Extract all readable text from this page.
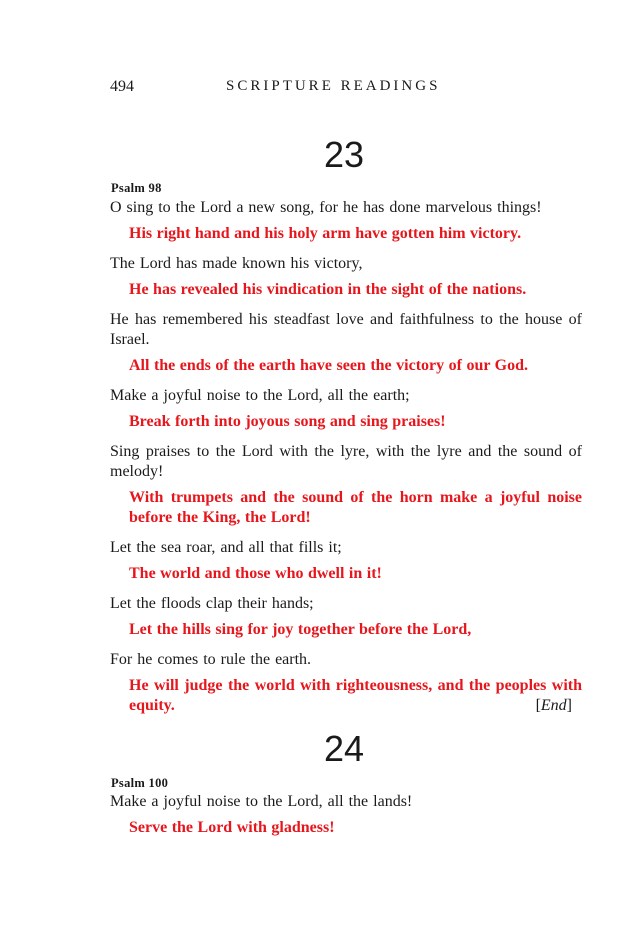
494	SCRIPTURE READINGS
23
Psalm 98

O sing to the Lord a new song, for he has done marvelous things!

His right hand and his holy arm have gotten him victory.

The Lord has made known his victory,

He has revealed his vindication in the sight of the nations.

He has remembered his steadfast love and faithfulness to the house of Israel.

All the ends of the earth have seen the victory of our God.

Make a joyful noise to the Lord, all the earth;

Break forth into joyous song and sing praises!

Sing praises to the Lord with the lyre, with the lyre and the sound of melody!

With trumpets and the sound of the horn make a joyful noise before the King, the Lord!

Let the sea roar, and all that fills it;

The world and those who dwell in it!

Let the floods clap their hands;

Let the hills sing for joy together before the Lord,

For he comes to rule the earth.

He will judge the world with righteousness, and the peoples with equity.	[End]

24
Psalm 100

Make a joyful noise to the Lord, all the lands!

Serve the Lord with gladness!
